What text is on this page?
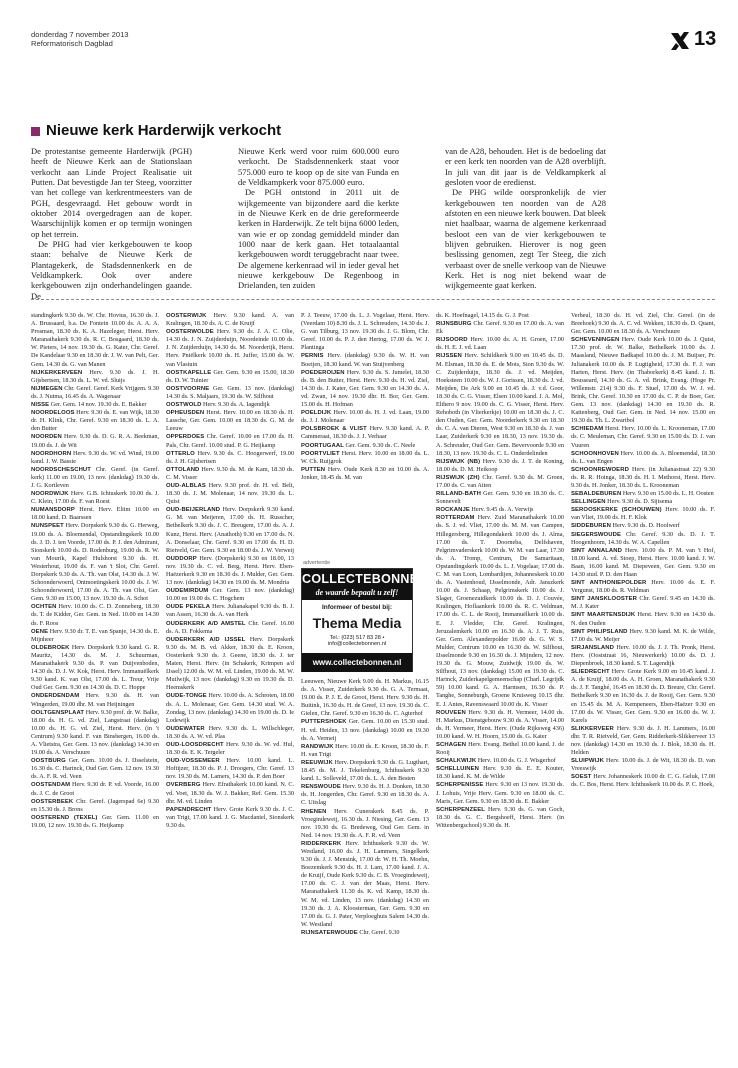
donderdag 7 november 2013
Reformatorisch Dagblad	13
Nieuwe kerk Harderwijk verkocht

De protestantse gemeente Harderwijk (PGH) heeft de Nieuwe Kerk aan de Stationslaan verkocht aan Linde Project Realisatie uit Putten. Dat bevestigde Jan ter Steeg, voorzitter van het college van kerkrentmeesters van de PGH, desgevraagd. Het gebouw wordt in oktober 2014 overgedragen aan de koper. Waarschijnlijk komen er op termijn woningen op het terrein.

De PHG had vier kerkgebouwen te koop staan: behalve de Nieuwe Kerk de Plantagekerk, de Stadsdennenkerk en de Veldkampkerk. Ook over andere kerkgebouwen zijn onderhandelingen gaande. De

Nieuwe Kerk werd voor ruim 600.000 euro verkocht. De Stadsdennenkerk staat voor 575.000 euro te koop op de site van Funda en de Veldkampkerk voor 875.000 euro.

De PGH ontstond in 2011 uit de wijkgemeente van bijzondere aard die kerkte in de Nieuwe Kerk en de drie gereformeerde kerken in Harderwijk. Ze telt bijna 6000 leden, van wie er op zondag gemiddeld minder dan 1000 naar de kerk gaan. Het totaalaantal kerkgebouwen wordt teruggebracht naar twee. De algemene kerkenraad wil in ieder geval het nieuwe kerkgebouw De Regenboog in Drielanden, ten zuiden

van de A28, behouden. Het is de bedoeling dat er een kerk ten noorden van de A28 overblijft. In juli van dit jaar is de Veldkampkerk al gesloten voor de eredienst.

De PHG wilde oorspronkelijk de vier kerkgebouwen ten noorden van de A28 afstoten en een nieuwe kerk bouwen. Dat bleek niet haalbaar, waarna de algemene kerkenraad besloot een van de vier kerkgebouwen te blijven gebruiken. Hierover is nog geen beslissing genomen, zegt Ter Steeg, die zich verbaast over de snelle verkoop van de Nieuwe Kerk. Het is nog niet bekend waar de wijkgemeente gaat kerken.

standingkerk 9.30 ds. W. Chr. Hovius, 16.30 ds. J. A. Brussaard, b.a. De Fontein 10.00 ds. A. A. A. Prosman, 18.30 ds. K. A. Hazeleger, Herst. Herv. Maranathakerk 9.30 ds. R. C. Bosgaard, 18.30 ds. W. Pieters, 14 nov. 19.30 ds. G. Kater, Chr. Geref. De Kandelaar 9.30 en 18.30 dr. J. W. van Pelt, Ger. Gem. 14.30 ds. G. van Manen

NIJKERKERVEEN Herv. 9.30 ds. J. H. Gijsbertsen, 18.30 ds. L. W. vd. Sluijs

NIJMEGEN Chr. Geref. Geref. Kerk Vrijgem. 9.30 ds. J. Nutma, 16.45 ds. A. Wagenaar

NISSE Ger. Gem. 14 nov. 19.30 ds. E. Bakker

NOORDELOOS Herv. 9.30 ds. E. van Wijk, 18.30 dr. H. Klink, Chr. Geref. 9.30 en 18.30 ds. L. A. den Butter

NOORDEN Herv. 9.30 ds. D. G. R. A. Beekman, 19.00 ds. J. de Wit

NOORDHORN Herv. 9.30 ds. W. vd. Wind, 19.00 kand. J. W. Bassie

NOORDSCHESCHUT Chr. Geref. (in Geref. kerk) 11.00 en 19.00, 13 nov. (dankdag) 19.30 ds. J. G. Kortleven

NOORDWIJK Herv. G.B. Ichtuskerk 10.00 ds. J. C. Klein, 17.00 ds. F. van Roest

NUMANSDORP Herst. Herv. Eliim 10.00 en 18.00 kand. D. Baarssen

NUNSPEET Herv. Dorpskerk 9.30 ds. G. Herweg, 19.00 ds. A. Bloemendal, Opstandingskerk 10.00 ds. J. D. J. ten Voorde, 17.00 ds. P. J. den Admirant, Sionskerk 10.00 ds. D. Rodenburg, 19.00 ds. R. W. van Mourik, Kapel Hulshorst 9.30 ds. H. Westerhout, 19.00 ds. F. van 't Slot, Chr. Geref. Dorpskerk 9.30 ds. A. Th. van Olst, 14.30 ds. J. W. Schoonderwoerd, Ontmoetingskerk 10.00 ds. J. W. Schoonderwoerd, 17.00 ds. A. Th. van Olst, Ger. Gem. 9.30 en 15.00, 13 nov. 19.30 ds. A. Schot

OCHTEN Herv. 10.00 ds. C. D. Zonneberg, 18.30 ds. T. de Kidder, Ger. Gem. in Ned. 10.00 en 14.30 ds. F. Roos

OENE Herv. 9.30 dr. T. E. van Spanje, 14.30 ds. E. Mijnheer

OLDEBROEK Herv. Dorpskerk 9.30 kand. G. R. Mauritz, 14.30 ds. M. J. Schuurman, Maranathakerk 9.30 ds. P. van Duijvenboden, 14.30 ds. D. J. W. Kok, Herst. Herv. Immanuëlkerk 9.30 kand. K. van Olst, 17.00 ds. L. Treur, Vrije Oud Ger. Gem. 9.30 en 14.30 ds. D. C. Hoppe

ONDERDENDAM Herv. 9.30 ds. H. van Wingerden, 19.00 dhr. M. van Heijningen

OOLTGENSPLAAT Herv. 9.30 prof. dr. W. Balke, 18.00 ds. H. G. vd. Ziel, Langstraat (dankdag) 10.00 ds. H. G. vd. Ziel, Herst. Herv. (in 't Centrum) 9.30 kand. F. van Binsbergen, 16.00 ds. A. Vlietstra, Ger. Gem. 13 nov. (dankdag) 14.30 en 19.00 ds. A. Verschuure

OOSTBURG Ger. Gem. 10.00 ds. J. IJsselstein, 16.30 ds. C. Harinck, Oud Ger. Gem. 12 nov. 19.30 ds. A. F. R. vd. Veen

OOSTENDAM Herv. 9.30 dr. P. vd. Voorde, 16.00 ds. J. C. de Groot

OOSTERBEEK Chr. Geref. (Jagerspad 6e) 9.30 en 15.30 ds. J. Brons

OOSTEREND (TEXEL) Ger. Gem. 11.00 en 19.00, 12 nov. 19.30 ds. G. Heijkamp

OOSTERWIJK Herv. 9.30 kand. A. van Kralingen, 18.30 ds. A. C. de Kruijf

OOSTERWOLDE Herv. 9.30 ds. J. A. C. Olie, 14.30 ds. J. N. Zuijderduijn, Noordeinde 10.00 ds. J. N. Zuijderduijn, 14.30 ds. M. Noorderijk, Herst. Herv. Pniëlkerk 10.00 ds. H. Juffer, 15.00 ds. W. van Vlastuin

OOSTKAPELLE Ger. Gem. 9.30 en 15.00, 18.30 ds. D. W. Tuinier

OOSTVOORNE Ger. Gem. 13 nov. (dankdag) 14.30 ds. S. Maljaars, 19.30 ds. W. Silfhout

OOSTWOLD Herv. 9.30 ds. A. Iagendijk

OPHEUSDEN Herst. Herv. 10.00 en 18.30 ds. H. Lassche, Ger. Gem. 10.00 en 18.30 ds. G. M. de Leeuw

OPPERDOES Chr. Geref. 10.00 en 17.00 ds. H. Pals, Chr. Geref. 10.00 stud. P. G. Heijkamp

OTTERLO Herv. 9.30 ds. C. Hoogerwerf, 19.00 ds. J. H. Gijsbertsen

OTTOLAND Herv. 9.30 ds. M. de Kam, 18.30 ds. C. M. Visser

OUD-ALBLAS Herv. 9.30 prof. dr. H. vd. Belt, 18.30 ds. J. M. Molenaar, 14 nov. 19.30 ds. L. Quist

OUD-BEIJERLAND Herv. Dorpskerk 9.30 kand. G. M. van Meijeren, 17.00 ds. H. Russcher, Bethelkerk 9.30 ds. J. C. Breugem, 17.00 ds. A. J. Kunz, Herst. Herv. (Anathoth) 9.30 en 17.00 ds. N. A. Donselaar, Chr. Geref. 9.30 en 17.00 ds. H. D. Rietveld, Ger. Gem. 9.30 en 18.00 ds. J. W. Verweij

OUDDORP Herv. (Dorpskerk) 9.30 en 18.00, 13 nov. 19.30 ds. C. vd. Berg, Herst. Herv. Eben-Haëzerkerk 9.30 en 18.30 ds. J. Mulder, Ger. Gem. 13 nov. (dankdag) 14.30 en 19.00 ds. M. Mondria

OUDEMIRDUM Ger. Gem. 13 nov. (dankdag) 10.00 en 19.00 ds. C. Hogchem

OUDE PEKELA Herv. Julianakapel 9.30 ds. B. J. van Assen, 16.30 ds. A. van Herk

OUDERKERK A/D AMSTEL Chr. Geref. 16.00 ds. A. D. Fokkema

OUDERKERK A/D IJSSEL Herv. Dorpskerk 9.30 ds. M. B. vd. Akker, 18.30 ds. E. Kroon, Oosterkerk 9.30 ds. J. Geene, 18.30 ds. J. ter Maten, Herst. Herv. (in Schakerk, Krimpen a/d IJssel) 12.00 ds. W. M. vd. Linden, 19.00 ds. M. W. Muilwijk, 13 nov. (dankdag) 9.30 en 19.30 ds. D. Heemskerk

OUDE-TONGE Herv. 10.00 ds. A. Schroten, 18.00 ds. A. L. Molenaar, Ger. Gem. 14.30 stud. W. A. Zondag, 13 nov. (dankdag) 14.30 en 19.00 ds. D. Ie Lodewijk

OUDEWATER Herv. 9.30 ds. L. Willschleger, 18.30 ds. A. W. vd. Plas

OUD-LOOSDRECHT Herv. 9.30 ds. W. vd. Hul, 18.30 ds. E. K. Tergeler

OUD-VOSSEMEER Herv. 10.00 kand. L. Hoftijzer, 18.30 ds. P. J. Droogers, Chr. Geref. 13 nov. 19.30 ds. M. Lamers, 14.30 ds. P. den Boer

OVERBERG Herv. Efrathakerk 10.00 kand. N. C. vd. Voet, 18.30 ds. W. J. Bakker, Ref. Gem. 15.30 dhr. M. vd. Linden

PAPENDRECHT Herv. Grote Kerk 9.30 ds. J. C. van Trigt, 17.00 kand. J. G. Macdaniel, Sionskerk 9.30 ds.

P. J. Teeuw, 17.00 ds. L. J. Vogelaar, Herst. Herv. (Veerdam 10) 8.30 ds. J. L. Schreuders, 14.30 ds. J. G. van Tilburg, 13 nov. 19.30 ds. J. G. Blom, Chr. Geref. 10.00 ds. P. J. den Hertog, 17.00 ds. W. J. Plantinga

PERNIS Herv. (dankdag) 9.30 ds. W. H. van Boeijen, 18.30 kand. W. van Stuijvenberg

POEDEROIJEN Herv. 9.30 ds. S. Jumelet, 18.30 ds. B. den Butter, Herst. Herv. 9.30 ds. H. vd. Ziel, 14.30 ds. J. Kater, Ger. Gem. 9.30 en 14.30 ds. A. vd. Zwan, 14 nov. 19.30 dhr. H. Bor, Ger. Gem. 15.00 ds. H. Hofman

POELDIJK Herv. 10.00 ds. H. J. vd. Laan, 19.00 ds. J. J. Molenaar

POLSBROEK & VLIST Herv. 9.30 kand. A. P. Cammeraat, 18.30 ds. J. J. Verhaar

POORTUGAAL Ger. Gem. 9.30 ds. C. Neele

POORTVLIET Herst. Herv. 10.00 en 18.00 ds. L. W. Ch. Ruijgrok

PUTTEN Herv. Oude Kerk 8.30 en 10.00 ds. A. Jonker, 18.45 ds. M. van

Leeuwen, Nieuwe Kerk 9.00 ds. H. Markus, 16.15 ds. A. Visser, Zuiderkerk 9.30 ds. G. A. Termaat, 19.00 ds. P. J. E. de Groot, Herst. Herv. 9.30 ds. H. Buitink, 16.30 ds. H. de Greef, 13 nov. 19.30 ds. C. Gielen, Chr. Geref. 9.30 en 16.30 ds. C. Agterhof

PUTTERSHOEK Ger. Gem. 10.00 en 15.30 stud. H. vd. Heiden, 13 nov. (dankdag) 10.00 en 19.30 ds. A. Vermeij

RANDWIJK Herv. 10.00 ds. E. Kroon, 18.30 ds. F. H. van Trigt

REEUWIJK Herv. Dorpskerk 9.30 ds. G. Lugthart, 18.45 ds. M. J. Tekelenburg, Ichthuskerk 9.30 kand. L. Solleveld, 17.00 ds. L. A. den Besten

RENSWOUDE Herv. 9.30 ds. H. J. Donken, 18.30 ds. H. Jongerden, Chr. Geref. 9.30 en 18.30 ds. A. C. Uitslag

RHENEN Herv. Cunerakerk 8.45 ds. P. Vroegindeweij, 16.30 ds. J. Niesing, Ger. Gem. 13 nov. 19.30 ds. G. Bredeweg, Oud Ger. Gem. in Ned. 14 nov. 19.30 ds. A. F. R. vd. Veen

RIDDERKERK Herv. Ichthuskerk 9.30 ds. W. Westland, 16.00 ds. J. H. Lammers, Singelkerk 9.30 ds. J. J. Mensink, 17.00 dr. W. H. Th. Moehn, Boezemkerk 9.30 ds. H. J. Lam, 17.00 kand. J. A. de Kruijf, Oude Kerk 9.30 ds. C. B. Vroegindeweij, 17.00 ds. C. J. van der Maas, Herst. Herv. Maranathakerk 11.30 ds. K. vd. Kamp, 18.30 ds. W. M. vd. Linden, 13 nov. (dankdag) 14.30 en 19.30 ds. J. A. Kloosterman, Ger. Gem. 9.30 en 17.00 ds. G. J. Pater, Verploeghuis Salem 14.30 ds. W. Westland

RIJNSATERWOUDE Chr. Geref. 9.30

ds. K. Hoefnagel, 14.15 ds. G. J. Post

RIJNSBURG Chr. Geref. 9.30 en 17.00 ds. A. van Ek

RIJSOORD Herv. 10.00 ds. A. H. Groen, 17.00 ds. H. E. J. vd. Laan

RIJSSEN Herv. Schildkerk 9.00 en 10.45 ds. D. M. Elsman, 18.30 ds. E. de Mots, Sion 9.30 ds. W. C. Zuijderduijn, 18.30 ds. J. vd. Meijden, Hoeksteen 10.00 ds. W. J. Gorissen, 18.30 ds. J. vd. Meijden, De Ark 9.00 en 10.45 ds. J. v.d. Goor, 18.30 ds. C. G. Visser, Elsen 10.00 kand. J. A. Mol, Elthero 9 nov. 19.00 ds. C. G. Visser, Herst. Herv. Rehoboth (in Vlierkerkje) 10.00 en 18.30 ds. J. C. den Ouden, Ger. Gem. Noorderkerk 9.30 en 18.30 ds. C. A. van Dieren, West 9.30 en 18.30 ds. J. van Laar, Zuiderkerk 9.30 en 18.30, 13 nov. 19.30 ds. A. Schreuder, Oud Ger. Gem. Bevervoorde 9.30 en 18.30, 13 nov. 19.30 ds. C. L. Onderdelinden

RIJSWIJK (NB) Herv. 9.30 ds. J. T. de Koning, 18.00 ds. D. M. Heikoop

RIJSWIJK (ZH) Chr. Geref. 9.30 ds. M. Groen, 17.00 ds. C. van Atten

RILLAND-BATH Ger. Gem. 9.30 en 18.30 ds. C. Sonnevelt

ROCKANJE Herv. 9.45 ds. A. Verwijs

ROTTERDAM Herv. Zuid Maranathakerk 10.00 ds. S. J. vd. Vliet, 17.00 ds. M. M. van Campen, Hillegersberg, Hillegondakerk 10.00 ds. J. Alma, 17.00 ds. T. Doorneba, Delfshaven, Pelgrimvaderskerk 10.00 ds. W. M. van Laar, 17.30 ds. A. Tromp, Centrum, De Samaritaan, Opstandingskerk 10.00 ds. L. J. Vogelaar, 17.00 ds. C. M. van Loon, Lombardijen, Johanneskerk 10.00 ds. A. Vastenhoud, IJsselmonde, Adr. Janszkerk 10.00 ds. J. Schaap, Pelgrimskerk 10.00 ds. J. Slager, Groenezuidkerk 10.00 ds. D. J. Couvée, Kralingen, Hoflaankerk 10.00 ds. R. C. Veldman, 17.00 ds. C. L. de Rooij, Immanuëlkerk 10.00 ds. E. J. Vledder, Chr. Geref. Kralingen, Jeruzalemkerk 10.00 en 16.30 ds. A. J. T. Ruis, Ger. Gem. Alexanderpolder 16.00 ds. G. W. S. Mulder, Centrum 10.00 en 16.30 ds. W. Silfhout, IJsselmonde 9.30 en 16.30 ds. J. Mijnders, 12 nov. 19.30 ds. G. Mouw, Zuidwijk 19.00 ds. W. Silfhout, 13 nov. (dankdag) 15.00 en 19.30 ds. C. Harinck, Zuiderkapelgemeenschap (Charl. Legrijdk 59) 10.00 kand. G. A. Harmsen, 16.30 ds. P. Tanghe, Sonneburgh, Groene Kruisweg 10.15 dhr. E. J. Antes, Ravenswaard 10.00 ds. K. Visser

ROUVEEN Herv. 9.30 ds. H. Vermeer, 14.00 ds. H. Markus, Dienstgebouw 9.30 ds. A. Visser, 14.00 ds. H. Vermeer, Herst. Herv. (Oude Rijksweg 436) 10.00 kand. W. H. Hoorn, 15.00 ds. G. Kater

SCHAGEN Herv. Evang. Bethel 10.00 kand. J. de Rooij

SCHALKWIJK Herv. 10.00 ds. G. J. Wisgerhof

SCHELLUINEN Herv. 9.30 ds. E. E. Kouter, 18.30 kand. K. M. de Wilde

SCHERPENISSE Herv. 9.30 en 13 nov. 19.30 ds. J. Lohuis, Vrije Herv. Gem. 9.30 en 18.00 ds. C. Maris, Ger. Gem. 9.30 en 18.30 ds. E. Bakker

SCHERPENZEEL Herv. 9.30 ds. G. van Goch, 18.30 ds. G. C. Bergshoeff, Herst. Herv. (in Wittenbergschool) 9.30 ds. H.

Verheul, 18.30 ds. H. vd. Ziel, Chr. Geref. (in de Breehoek) 9.30 ds. A. C. vd. Wekken, 18.30 ds. D. Quant, Ger. Gem. 10.00 en 18.30 ds. A. Verschuure

SCHEVENINGEN Herv. Oude Kerk 10.00 ds. J. Quist, 17.30 prof. dr. W. Balke, Bethelkerk 10.00 ds. J. Maasland, Nieuwe Badkapel 10.00 ds. J. M. Buijser, Pr. Julianakerk 10.00 ds. P. Lugtigheid, 17.30 ds. F. J. van Harten, Herst. Herv. (in Thaborkerk) 8.45 kand. J. B. Bousseard, 14.30 ds. G. A. vd. Brink, Evang. (Hoge Pr. Willemstr. 214) 9.30 ds. F. Stuel, 17.00 ds. W. J. vd. Brink, Chr. Geref. 10.30 en 17.00 ds. C. P. de Boer, Ger. Gem. 13 nov. (dankdag) 14.30 en 19.30 ds. R. Kattenberg, Oud Ger. Gem. in Ned. 14 nov. 15.00 en 19.30 ds. Th. L. Zwartbol

SCHIEDAM Herst. Herv. 10.00 ds. L. Krooneman, 17.00 ds. C. Meuleman, Chr. Geref. 9.30 en 15.00 ds. D. J. van Vuuren

SCHOONHOVEN Herv. 10.00 ds. A. Bloemendal, 18.30 ds. L. van Engen

SCHOONREWOERD Herv. (in Julianastraat 22) 9.30 ds. R. R. Hoinga, 18.30 ds. H. I. Methorst, Herst. Herv. 9.30 ds. H. Jonker, 18.30 ds. L. Krooneman

SEBALDEBUREN Herv. 9.30 en 15.00 ds. L. H. Oosten

SELLINGEN Herv. 9.30 ds. D. Sijtsema

SEROOSKERKE (SCHOUWEN) Herv. 10.00 ds. F. van Vliet, 19.00 ds. H. F. Klok

SIDDEBUREN Herv. 9.30 ds. D. Hoolwerf

SIEGERSWOUDE Chr. Geref. 9.30 ds. D. J. T. Hoogenhoom, 14.30 ds. W. A. Capellen

SINT ANNALAND Herv. 10.00 ds. P. M. van 't Hof, 18.00 kand. A. vd. Stoep, Herst. Herv. 10.00 kand. J. W. Baan, 16.00 kand. M. Diepeveen, Ger. Gem. 9.30 en 14.30 stud. P. D. den Haan

SINT ANTHONIEPOLDER Herv. 10.00 ds. E. F. Vergunst, 18.00 ds. R. Veldman

SINT JANSKLOOSTER Chr. Geref. 9.45 en 14.30 ds. M. J. Kater

SINT MAARTENSDIJK Herst. Herv. 9.30 en 14.30 ds. N. den Ouden

SINT PHILIPSLAND Herv. 9.30 kand. M. K. de Wilde, 17.00 ds. W. Meijer

SIRJANSLAND Herv. 10.00 ds. J. J. Th. Pronk, Herst. Herv. (Ooststraat 16, Nieuwerkerk) 10.00 ds. D. J. Diepenbroek, 18.30 kand. S. T. Lagendijk

SLIEDRECHT Herv. Grote Kerk 9.00 en 10.45 kand. J. A. de Kruijf, 18.00 ds. A. H. Groen, Maranathakerk 9.30 ds. J. F. Tanghé, 16.45 en 18.30 ds. D. Breure, Chr. Geref. Bethelkerk 9.30 en 16.30 ds. J. de Rooij, Ger. Gem. 9.30 en 15.45 ds. M. A. Kempeneers, Eben-Haëzer 9.30 en 17.00 ds. W. Visser, Ger. Gem. 9.30 en 16.00 ds. W. J. Karels

SLIKKERVEER Herv. 9.30 ds. J. H. Lammers, 16.00 dhr. T. R. Rietveld, Ger. Gem. Ridderkerk-Slikkerveer 13 nov. (dankdag) 14.30 en 19.30 ds. J. Blok, 18.30 ds. H. Helden

SLUIPWIJK Herv. 10.00 ds. J. de Wit, 18.30 ds. D. van Vreeswijk

SOEST Herv. Johanneskerk 10.00 dr. C. G. Geluk, 17.00 ds. C. Bos, Herst. Herv. Ichthuskerk 10.00 ds. P. C. Hoek,

advertentie
COLLECTEBONNEN
de waarde bepaalt u zelf!
Informeer of bestel bij:
Thema Media
Tel.: (023) 517 83 28 • info@collectebonnen.nl
www.collectebonnen.nl
